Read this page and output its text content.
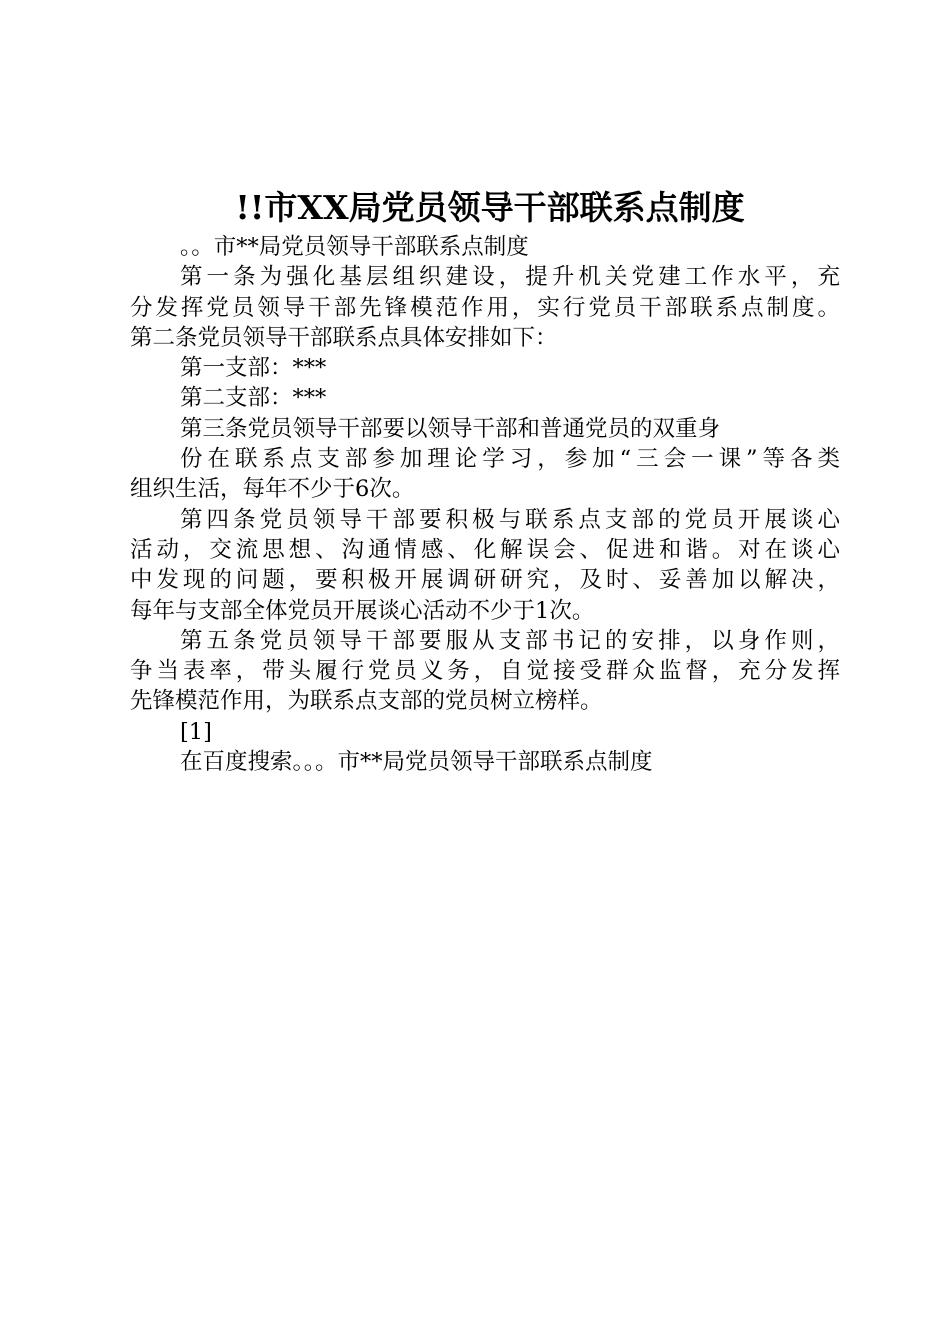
!!市XX局党员领导干部联系点制度

。。市**局党员领导干部联系点制度

第一条为强化基层组织建设，提升机关党建工作水平，充

分发挥党员领导干部先锋模范作用，实行党员干部联系点制度。

第二条党员领导干部联系点具体安排如下：

第一支部：***

第二支部：***

第三条党员领导干部要以领导干部和普通党员的双重身

份在联系点支部参加理论学习，参加“三会一课”等各类

组织生活，每年不少于6次。

第四条党员领导干部要积极与联系点支部的党员开展谈心

活动，交流思想、沟通情感、化解误会、促进和谐。对在谈心

中发现的问题，要积极开展调研研究，及时、妥善加以解决，

每年与支部全体党员开展谈心活动不少于1次。

第五条党员领导干部要服从支部书记的安排，以身作则，

争当表率，带头履行党员义务，自觉接受群众监督，充分发挥

先锋模范作用，为联系点支部的党员树立榜样。

[1]

在百度搜索。。。市**局党员领导干部联系点制度
